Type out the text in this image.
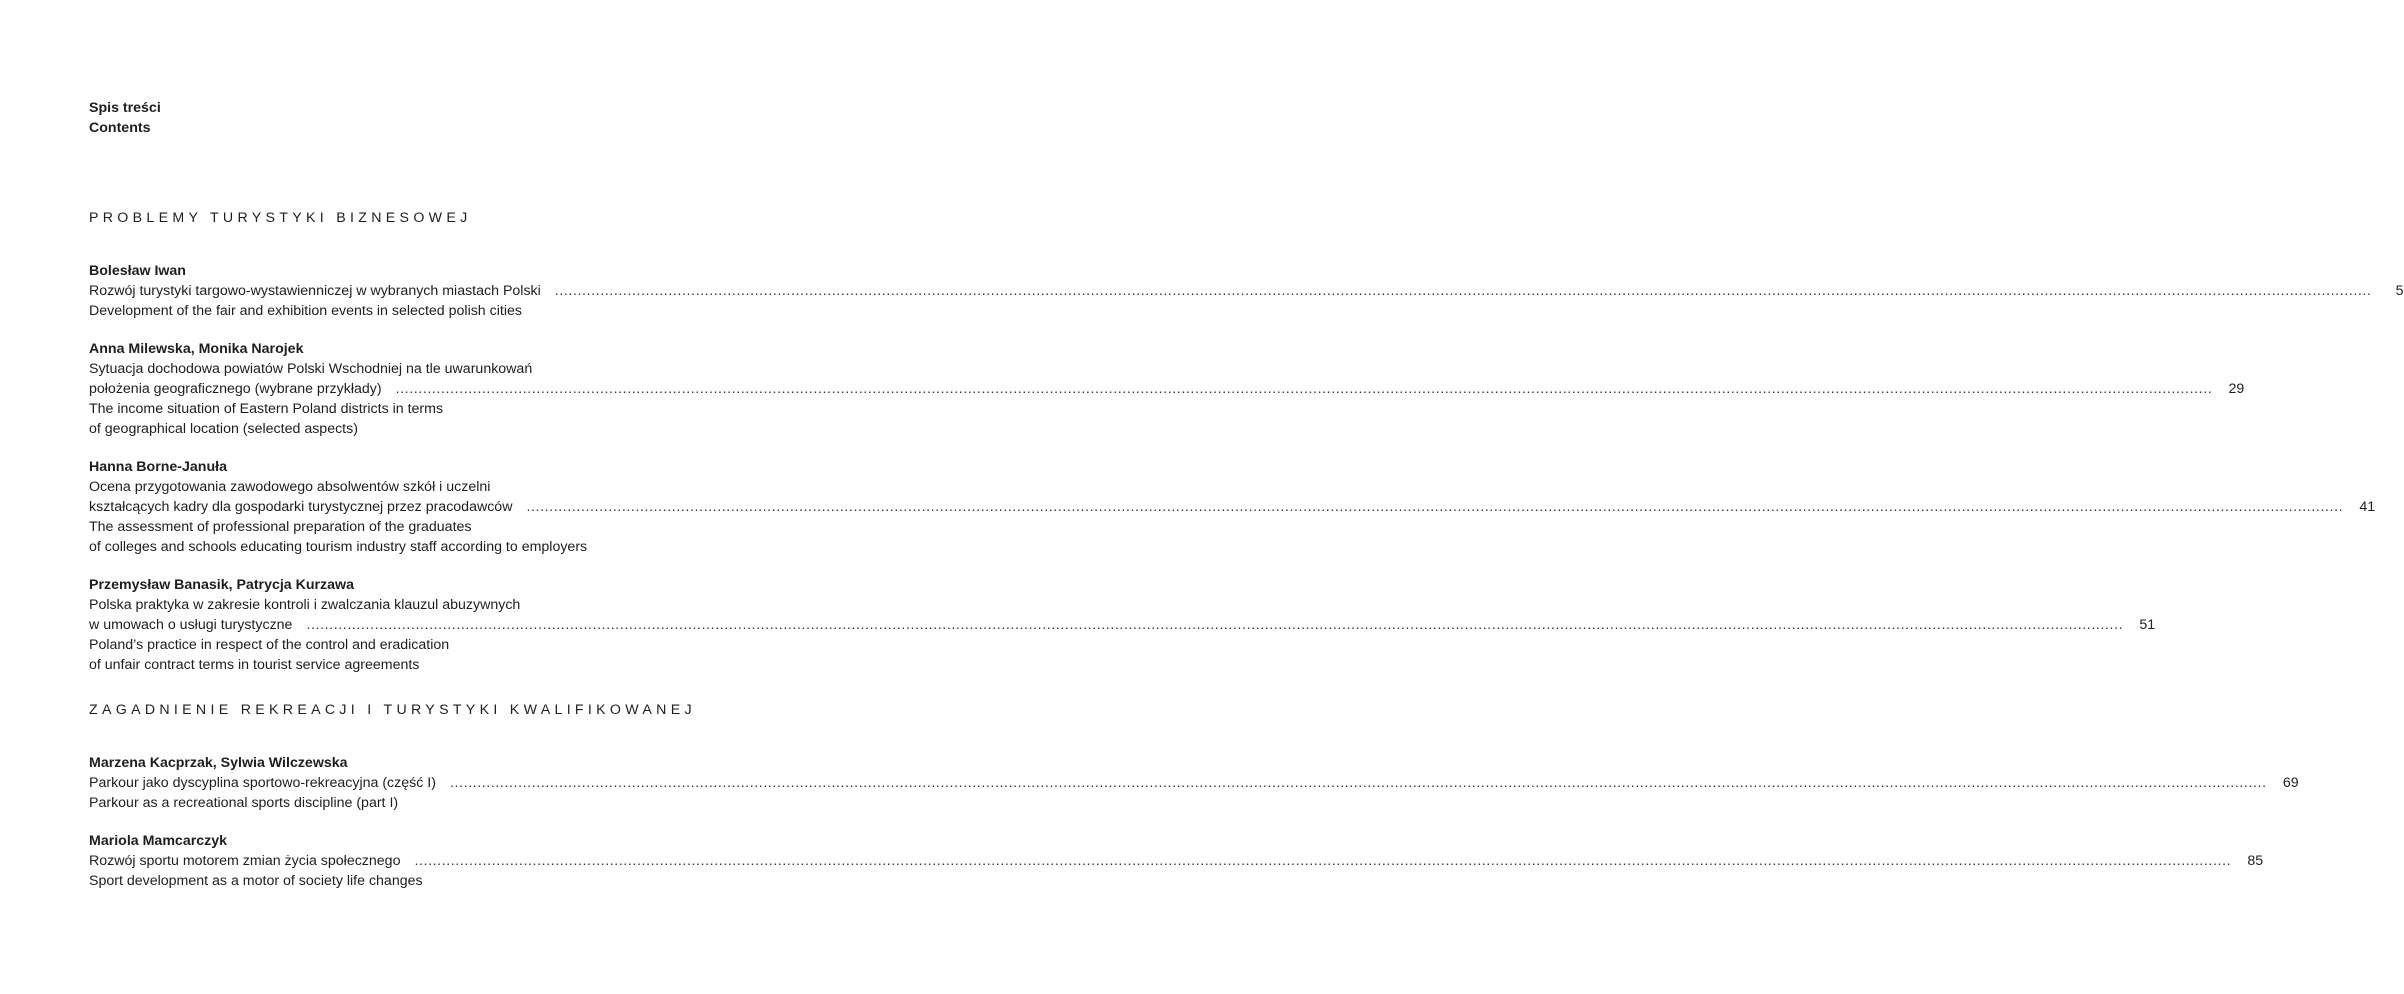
Spis treści
Contents
PROBLEMY TURYSTYKI BIZNESOWEJ
Bolesław Iwan
Rozwój turystyki targowo-wystawienniczej w wybranych miastach Polski ................................................................................................................................................................................................................................................................................................................................................................................................................	5
Development of the fair and exhibition events in selected polish cities
Anna Milewska, Monika Narojek
Sytuacja dochodowa powiatów Polski Wschodniej na tle uwarunkowań
położenia geograficznego (wybrane przykłady) ................................................................................................................................................................................................................................................................................................................................................................................................................	29
The income situation of Eastern Poland districts in terms
of geographical location (selected aspects)
Hanna Borne-Januła
Ocena przygotowania zawodowego absolwentów szkół i uczelni
kształcących kadry dla gospodarki turystycznej przez pracodawców ................................................................................................................................................................................................................................................................................................................................................................................................................	41
The assessment of professional preparation of the graduates
of colleges and schools educating tourism industry staff according to employers
Przemysław Banasik, Patrycja Kurzawa
Polska praktyka w zakresie kontroli i zwalczania klauzul abuzywnych
w umowach o usługi turystyczne ................................................................................................................................................................................................................................................................................................................................................................................................................	51
Poland’s practice in respect of the control and eradication
of unfair contract terms in tourist service agreements
ZAGADNIENIE REKREACJI I TURYSTYKI KWALIFIKOWANEJ
Marzena Kacprzak, Sylwia Wilczewska
Parkour jako dyscyplina sportowo-rekreacyjna (część I) ................................................................................................................................................................................................................................................................................................................................................................................................................	69
Parkour as a recreational sports discipline (part I)
Mariola Mamcarczyk
Rozwój sportu motorem zmian życia społecznego ................................................................................................................................................................................................................................................................................................................................................................................................................	85
Sport development as a motor of society life changes
